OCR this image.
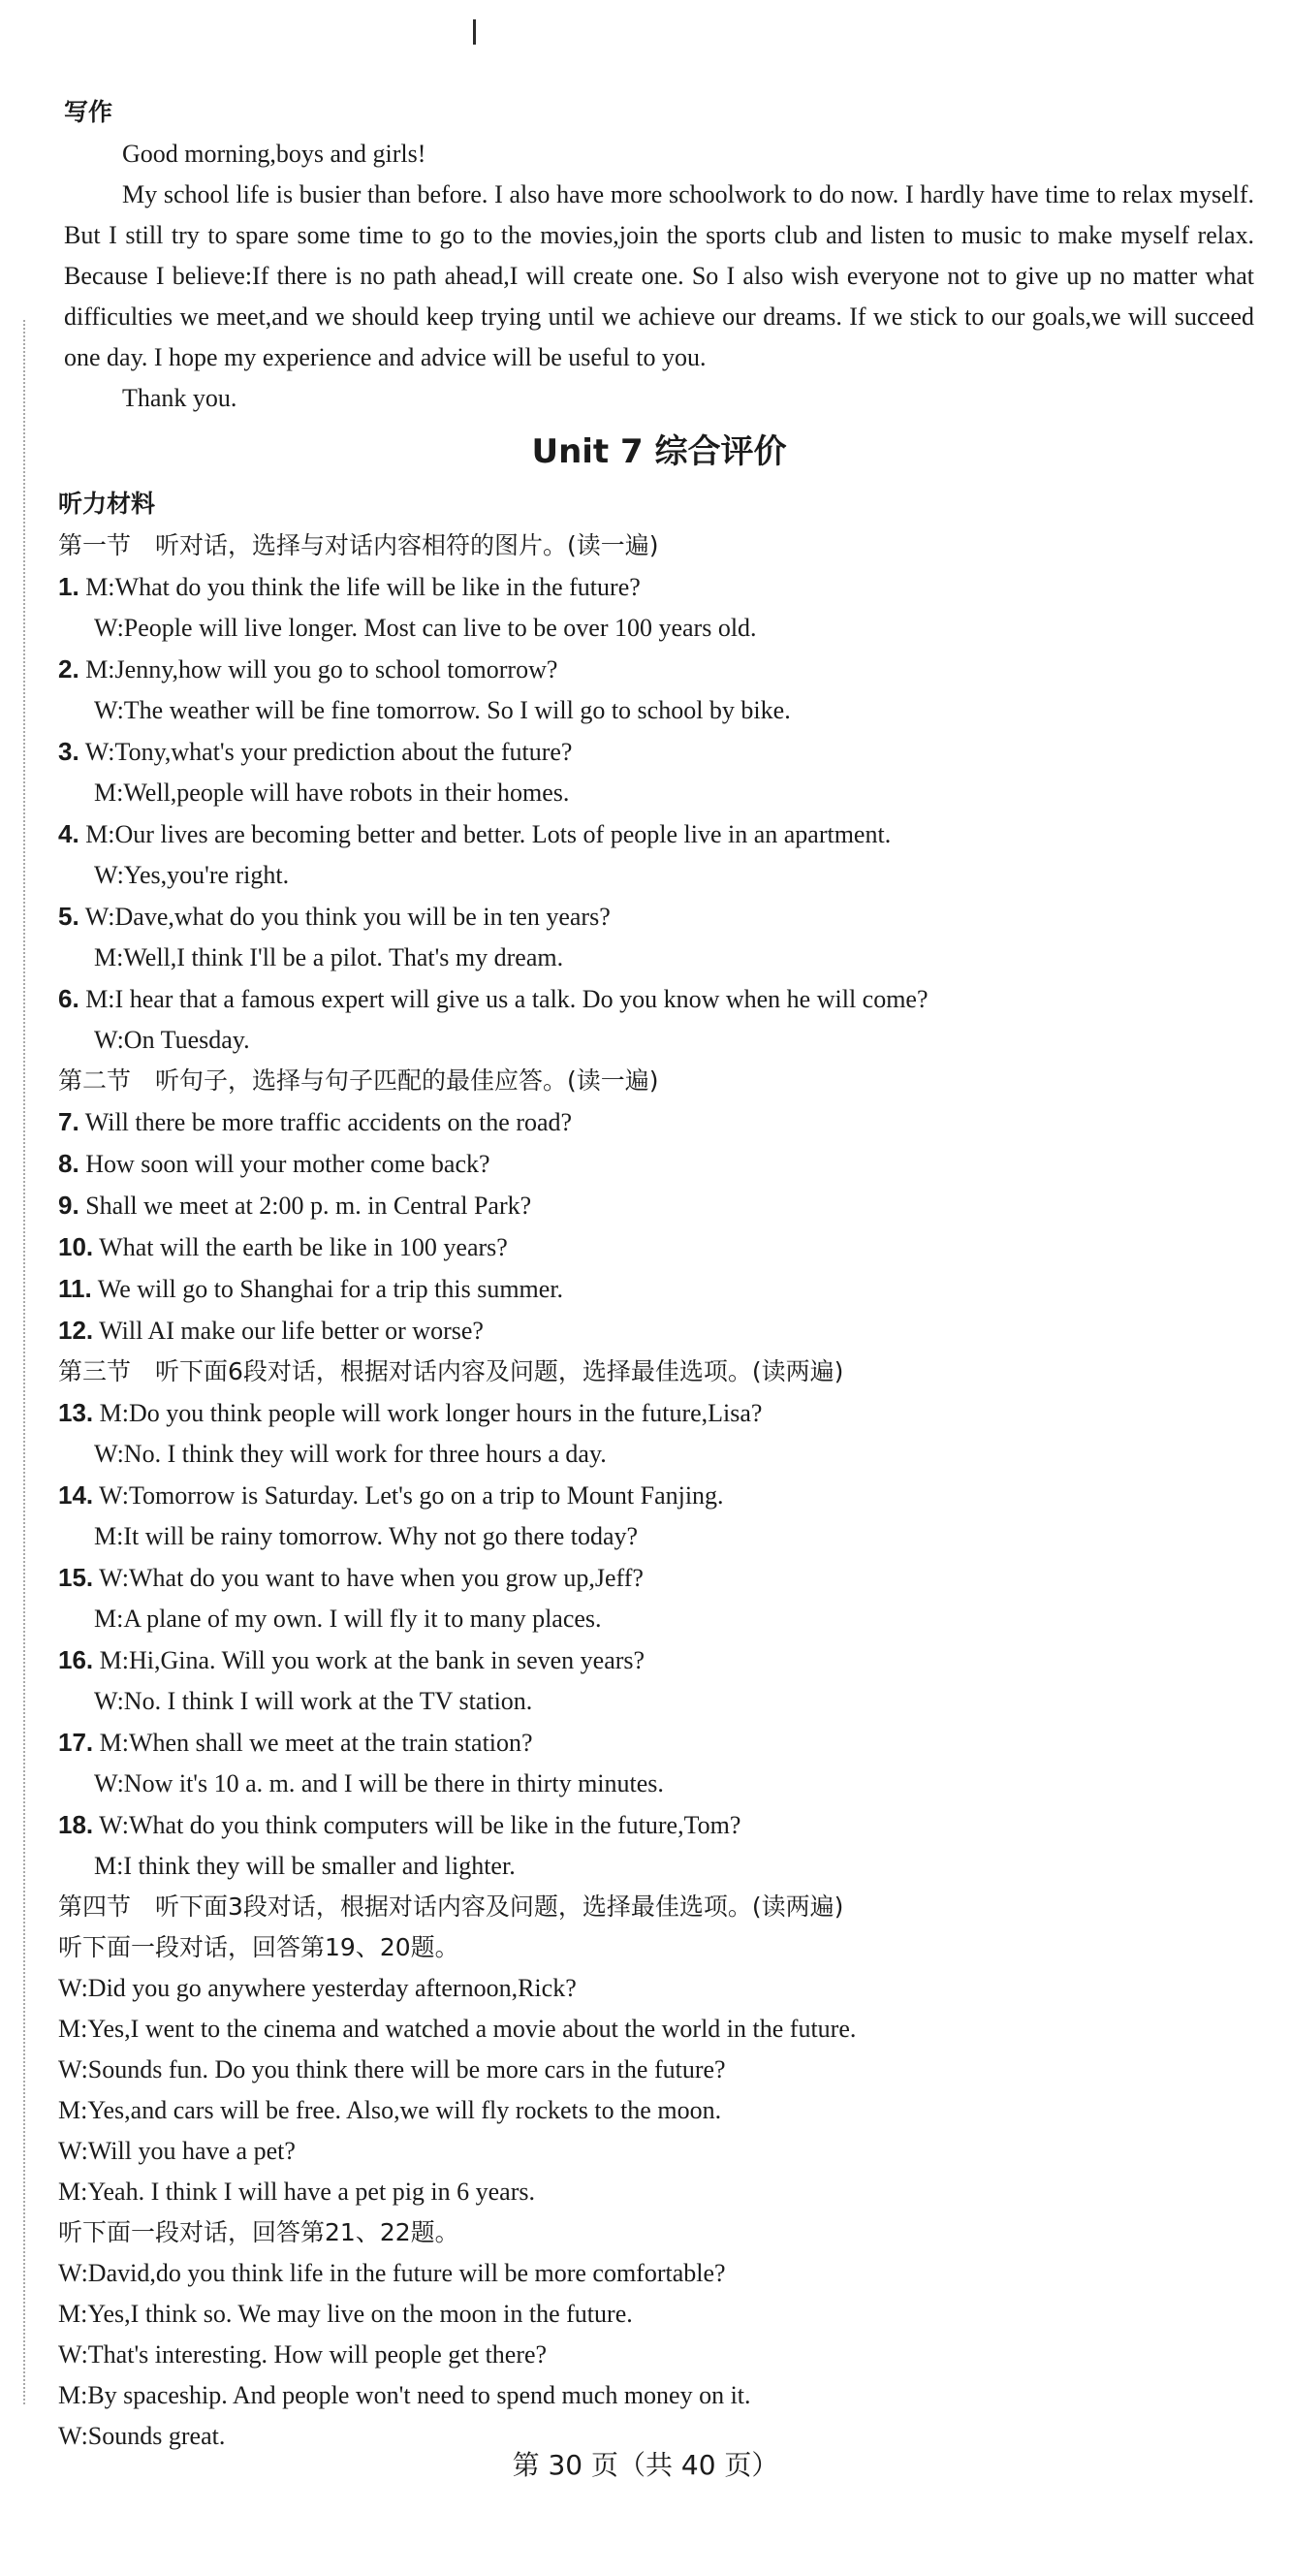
写作

Good morning,boys and girls!

My school life is busier than before. I also have more schoolwork to do now. I hardly have time to relax myself. But I still try to spare some time to go to the movies,join the sports club and listen to music to make myself relax. Because I believe:If there is no path ahead,I will create one. So I also wish everyone not to give up no matter what difficulties we meet,and we should keep trying until we achieve our dreams. If we stick to our goals,we will succeed one day. I hope my experience and advice will be useful to you.

Thank you.

Unit 7 综合评价
听力材料
第一节　听对话，选择与对话内容相符的图片。(读一遍)
1. M:What do you think the life will be like in the future?
W:People will live longer. Most can live to be over 100 years old.
2. M:Jenny,how will you go to school tomorrow?
W:The weather will be fine tomorrow. So I will go to school by bike.
3. W:Tony,what's your prediction about the future?
M:Well,people will have robots in their homes.
4. M:Our lives are becoming better and better. Lots of people live in an apartment.
W:Yes,you're right.
5. W:Dave,what do you think you will be in ten years?
M:Well,I think I'll be a pilot. That's my dream.
6. M:I hear that a famous expert will give us a talk. Do you know when he will come?
W:On Tuesday.
第二节　听句子，选择与句子匹配的最佳应答。(读一遍)
7. Will there be more traffic accidents on the road?
8. How soon will your mother come back?
9. Shall we meet at 2:00 p. m. in Central Park?
10. What will the earth be like in 100 years?
11. We will go to Shanghai for a trip this summer.
12. Will AI make our life better or worse?
第三节　听下面6段对话，根据对话内容及问题，选择最佳选项。(读两遍)
13. M:Do you think people will work longer hours in the future,Lisa?
W:No. I think they will work for three hours a day.
14. W:Tomorrow is Saturday. Let's go on a trip to Mount Fanjing.
M:It will be rainy tomorrow. Why not go there today?
15. W:What do you want to have when you grow up,Jeff?
M:A plane of my own. I will fly it to many places.
16. M:Hi,Gina. Will you work at the bank in seven years?
W:No. I think I will work at the TV station.
17. M:When shall we meet at the train station?
W:Now it's 10 a. m. and I will be there in thirty minutes.
18. W:What do you think computers will be like in the future,Tom?
M:I think they will be smaller and lighter.
第四节　听下面3段对话，根据对话内容及问题，选择最佳选项。(读两遍)
听下面一段对话，回答第19、20题。
W:Did you go anywhere yesterday afternoon,Rick?
M:Yes,I went to the cinema and watched a movie about the world in the future.
W:Sounds fun. Do you think there will be more cars in the future?
M:Yes,and cars will be free. Also,we will fly rockets to the moon.
W:Will you have a pet?
M:Yeah. I think I will have a pet pig in 6 years.
听下面一段对话，回答第21、22题。
W:David,do you think life in the future will be more comfortable?
M:Yes,I think so. We may live on the moon in the future.
W:That's interesting. How will people get there?
M:By spaceship. And people won't need to spend much money on it.
W:Sounds great.
第 30 页（共 40 页）
